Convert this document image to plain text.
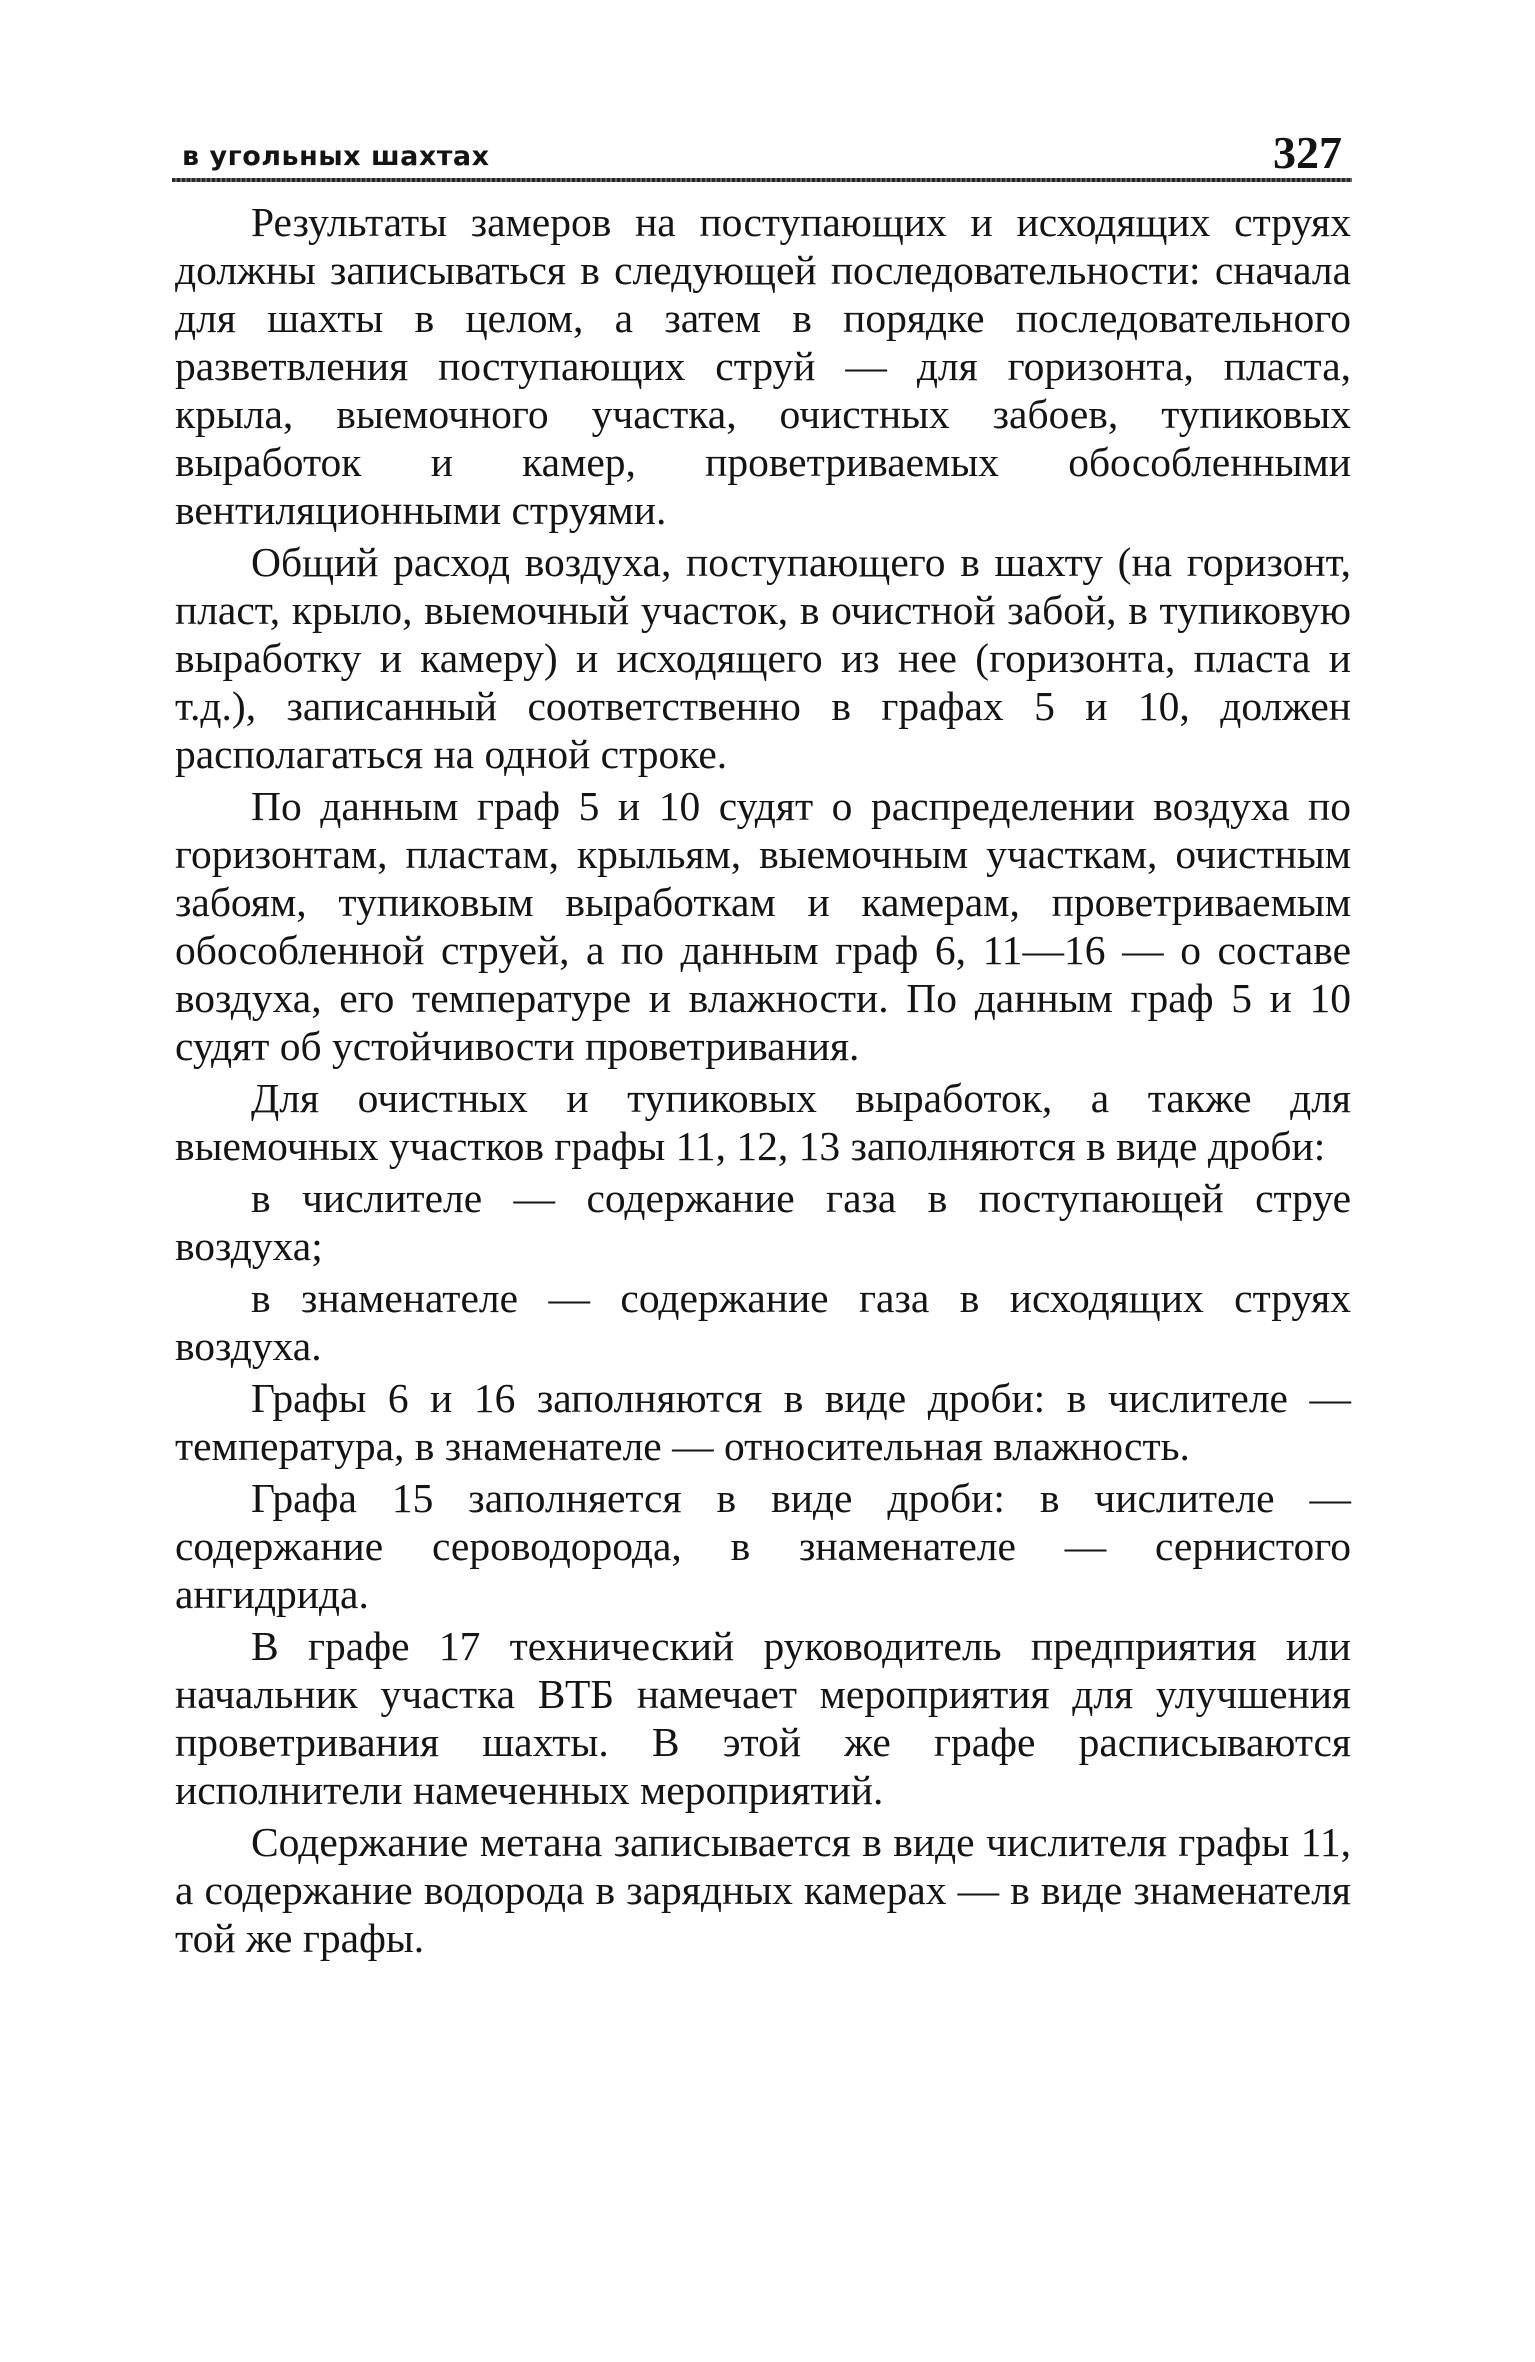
в угольных шахтах	327

Результаты замеров на поступающих и исходящих струях должны записываться в следующей последовательности: сначала для шахты в целом, а затем в порядке последовательного разветвления поступающих струй — для горизонта, пласта, крыла, выемочного участка, очистных забоев, тупиковых выработок и камер, проветриваемых обособленными вентиляционными струями.

Общий расход воздуха, поступающего в шахту (на горизонт, пласт, крыло, выемочный участок, в очистной забой, в тупиковую выработку и камеру) и исходящего из нее (горизонта, пласта и т.д.), записанный соответственно в графах 5 и 10, должен располагаться на одной строке.

По данным граф 5 и 10 судят о распределении воздуха по горизонтам, пластам, крыльям, выемочным участкам, очистным забоям, тупиковым выработкам и камерам, проветриваемым обособленной струей, а по данным граф 6, 11—16 — о составе воздуха, его температуре и влажности. По данным граф 5 и 10 судят об устойчивости проветривания.

Для очистных и тупиковых выработок, а также для выемочных участков графы 11, 12, 13 заполняются в виде дроби:

в числителе — содержание газа в поступающей струе воздуха;

в знаменателе — содержание газа в исходящих струях воздуха.

Графы 6 и 16 заполняются в виде дроби: в числителе — температура, в знаменателе — относительная влажность.

Графа 15 заполняется в виде дроби: в числителе — содержание сероводорода, в знаменателе — сернистого ангидрида.

В графе 17 технический руководитель предприятия или начальник участка ВТБ намечает мероприятия для улучшения проветривания шахты. В этой же графе расписываются исполнители намеченных мероприятий.

Содержание метана записывается в виде числителя графы 11, а содержание водорода в зарядных камерах — в виде знаменателя той же графы.
